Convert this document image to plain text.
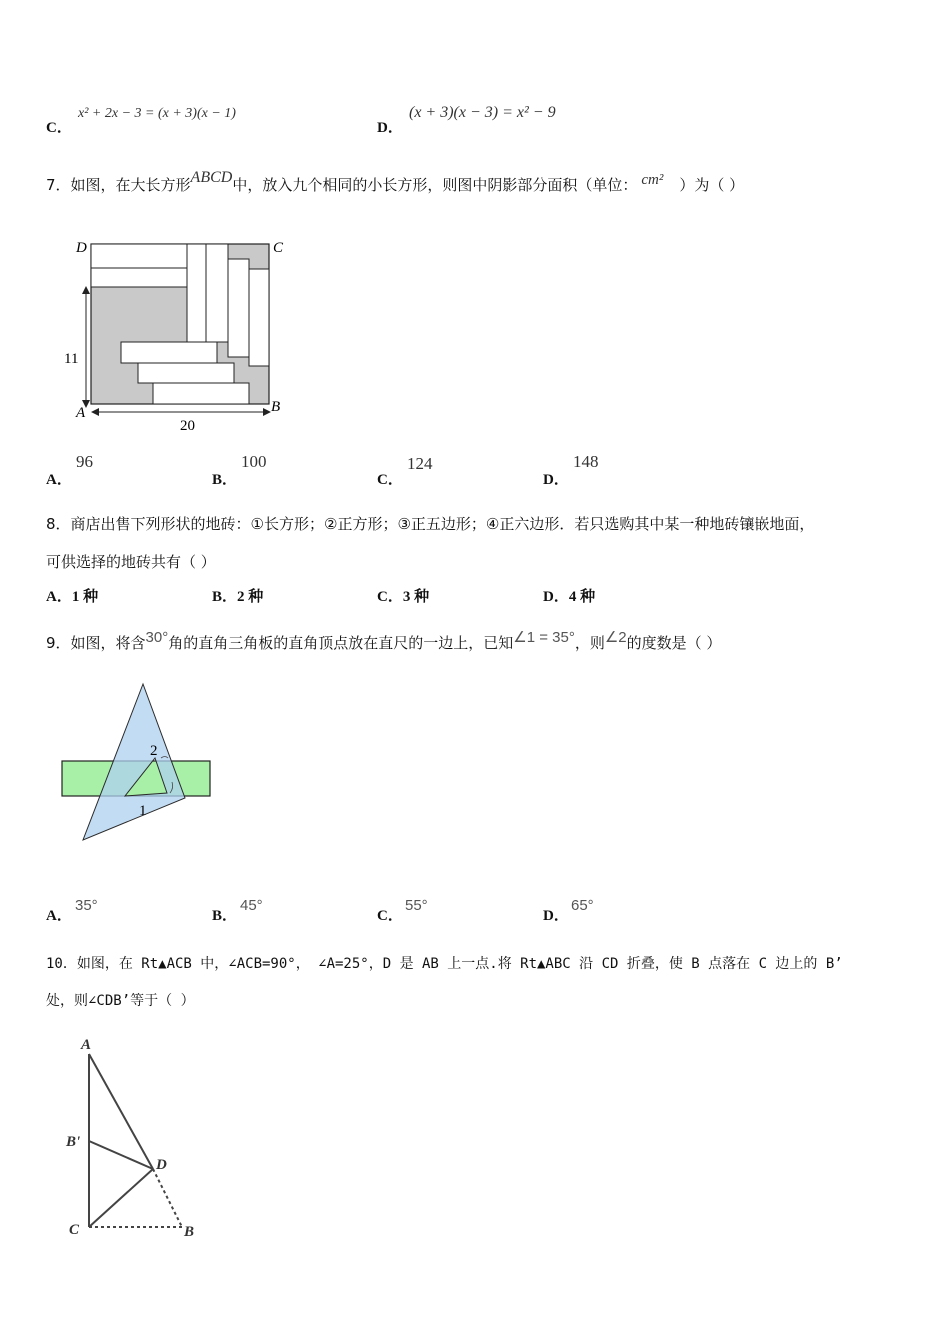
C．
x² + 2x − 3 = (x + 3)(x − 1)
D．
(x + 3)(x − 3) = x² − 9
7．如图，在大长方形ABCD中，放入九个相同的小长方形，则图中阴影部分面积（单位： cm² ）为（ ）
D	C
A	B
11
20
A．
96
B．
100
C．
124
D．
148
8．商店出售下列形状的地砖：①长方形；②正方形；③正五边形；④正六边形．若只选购其中某一种地砖镶嵌地面，
可供选择的地砖共有（ ）
A．1 种	B．2 种	C．3 种	D．4 种
9．如图，将含30°角的直角三角板的直角顶点放在直尺的一边上，已知∠1 = 35°，则∠2的度数是（ ）
1
2
A．
35°
B．
45°
C．
55°
D．
65°
10．如图，在 Rt▲ACB 中，∠ACB=90°， ∠A=25°，D 是 AB 上一点.将 Rt▲ABC 沿 CD 折叠，使 B 点落在 C 边上的 B’
处，则∠CDB’等于（ ）
A
B'
D
C	B
